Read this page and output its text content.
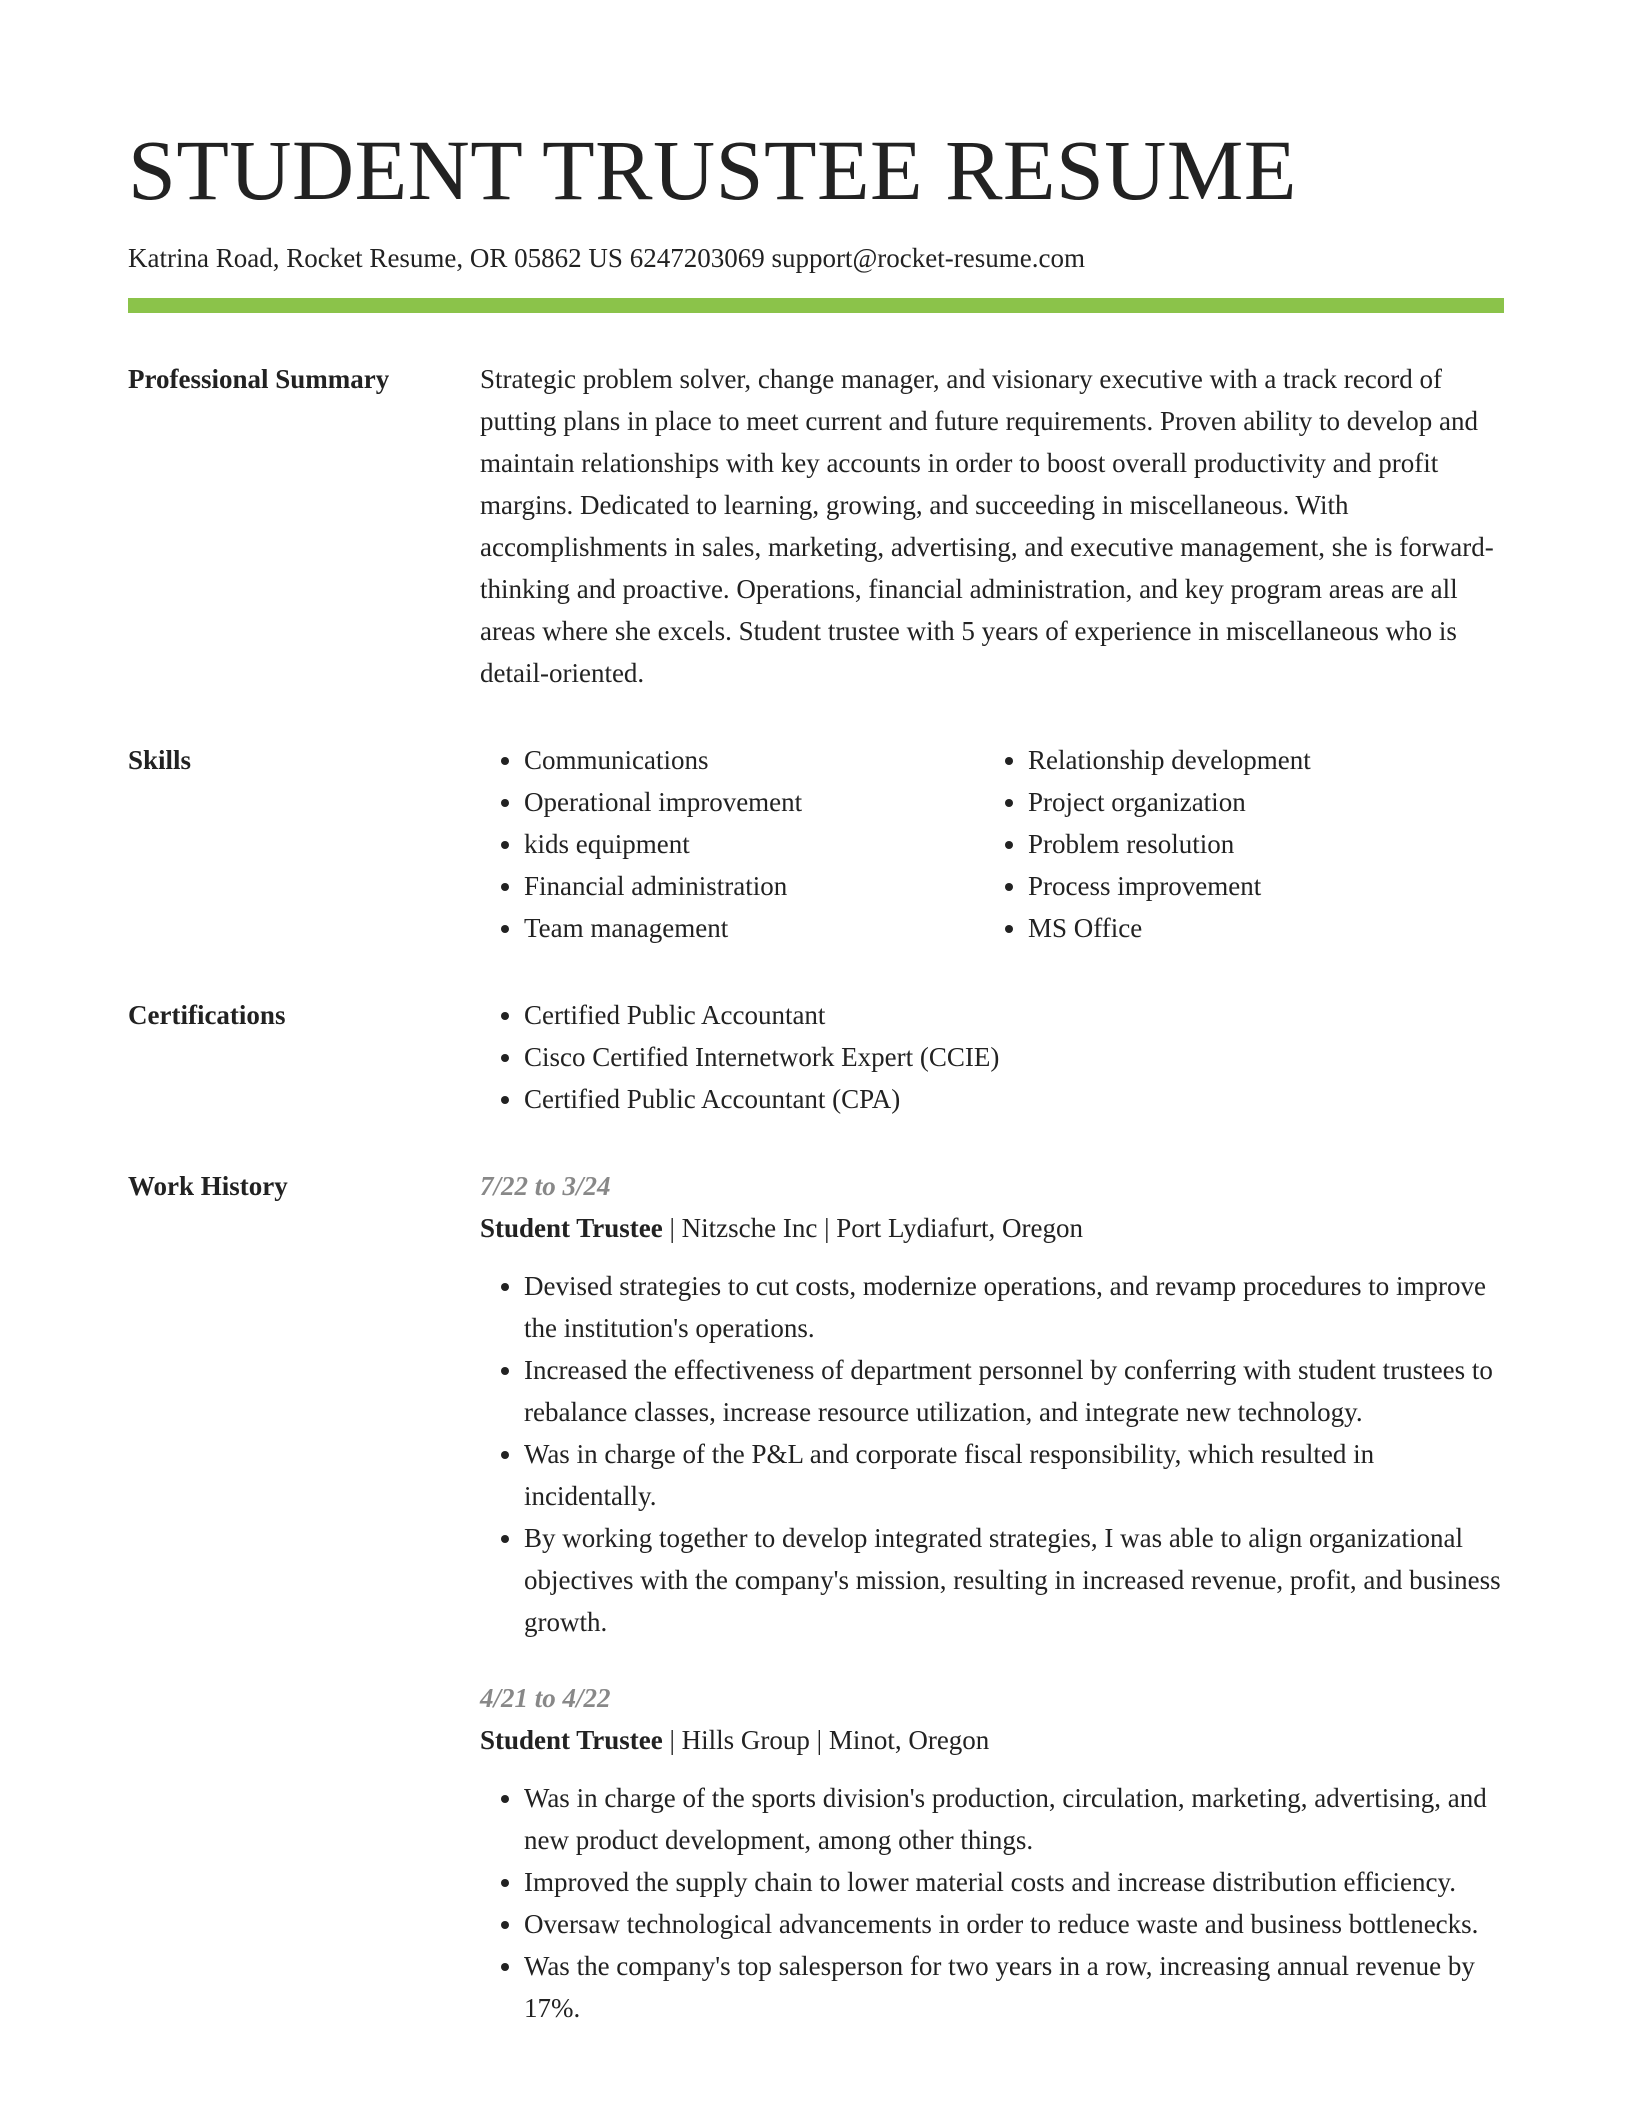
STUDENT TRUSTEE RESUME
Katrina Road, Rocket Resume, OR 05862 US 6247203069 support@rocket-resume.com
Professional Summary	Strategic problem solver, change manager, and visionary executive with a track record of putting plans in place to meet current and future requirements. Proven ability to develop and maintain relationships with key accounts in order to boost overall productivity and profit margins. Dedicated to learning, growing, and succeeding in miscellaneous. With accomplishments in sales, marketing, advertising, and executive management, she is forward-thinking and proactive. Operations, financial administration, and key program areas are all areas where she excels. Student trustee with 5 years of experience in miscellaneous who is detail-oriented.

Skills	• Communications
• Operational improvement
• kids equipment
• Financial administration
• Team management
• Relationship development
• Project organization
• Problem resolution
• Process improvement
• MS Office
Certifications	• Certified Public Accountant
• Cisco Certified Internetwork Expert (CCIE)
• Certified Public Accountant (CPA)
Work History	7/22 to 3/24
Student Trustee | Nitzsche Inc | Port Lydiafurt, Oregon
• Devised strategies to cut costs, modernize operations, and revamp procedures to improve the institution's operations.
• Increased the effectiveness of department personnel by conferring with student trustees to rebalance classes, increase resource utilization, and integrate new technology.
• Was in charge of the P&L and corporate fiscal responsibility, which resulted in incidentally.
• By working together to develop integrated strategies, I was able to align organizational objectives with the company's mission, resulting in increased revenue, profit, and business growth.
4/21 to 4/22
Student Trustee | Hills Group | Minot, Oregon
• Was in charge of the sports division's production, circulation, marketing, advertising, and new product development, among other things.
• Improved the supply chain to lower material costs and increase distribution efficiency.
• Oversaw technological advancements in order to reduce waste and business bottlenecks.
• Was the company's top salesperson for two years in a row, increasing annual revenue by 17%.
